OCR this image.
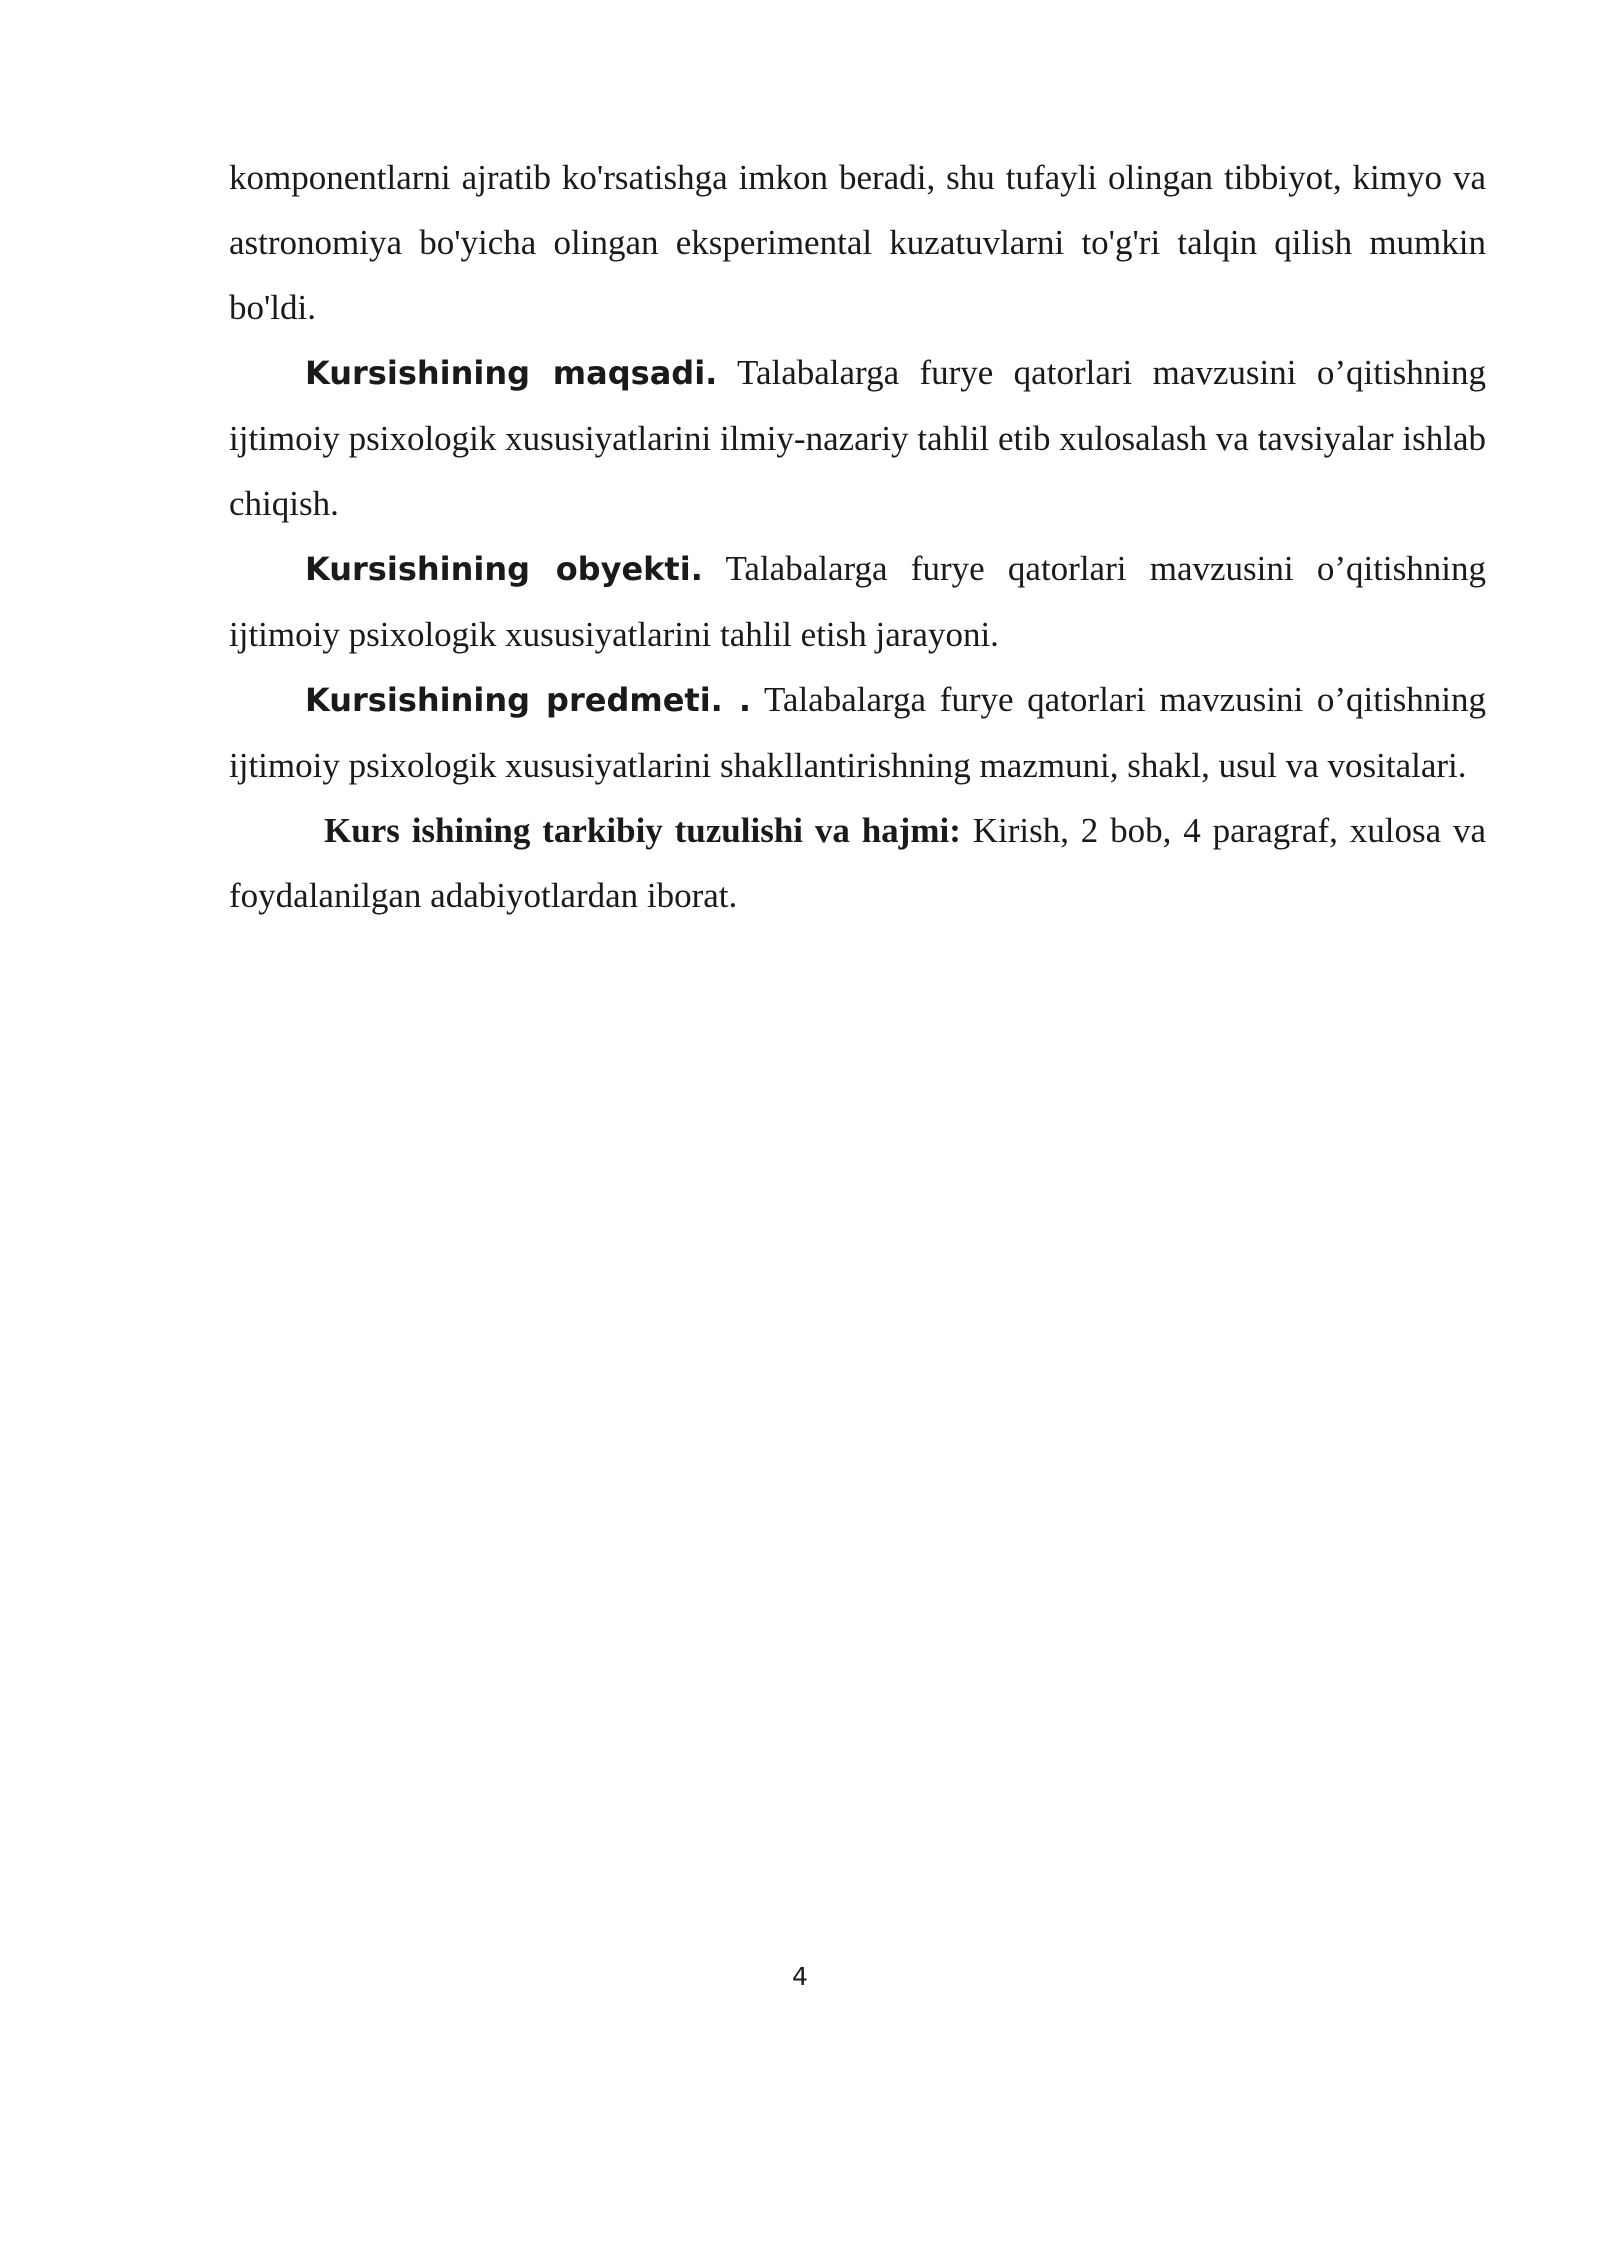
komponentlarni ajratib ko'rsatishga imkon beradi, shu tufayli olingan tibbiyot, kimyo va astronomiya bo'yicha olingan eksperimental kuzatuvlarni to'g'ri talqin qilish mumkin bo'ldi.

Kursishining maqsadi. Talabalarga furye qatorlari mavzusini o’qitishning ijtimoiy psixologik xususiyatlarini ilmiy-nazariy tahlil etib xulosalash va tavsiyalar ishlab chiqish.

Kursishining obyekti. Talabalarga furye qatorlari mavzusini o’qitishning ijtimoiy psixologik xususiyatlarini tahlil etish jarayoni.

Kursishining predmeti. . Talabalarga furye qatorlari mavzusini o’qitishning ijtimoiy psixologik xususiyatlarini shakllantirishning mazmuni, shakl, usul va vositalari.

Kurs ishining tarkibiy tuzulishi va hajmi: Kirish, 2 bob, 4 paragraf, xulosa va foydalanilgan adabiyotlardan iborat.

4
